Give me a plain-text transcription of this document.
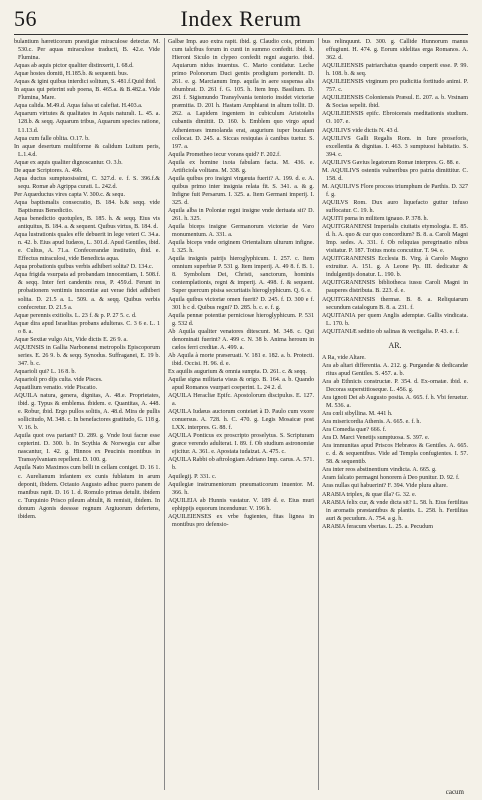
56	Index Rerum

bulantium hæreticorum præstigiæ miraculose detectæ. M. 530.c. Per aquas miraculose traducti, B. 42.e. Vide Flumina.

Aquas ab aquis pictor qualiter distinxerit, I. 68.d.

Aquæ hostes domiti, H.185.b. & sequenti. bus.

Aquas & igini quibus interdici solitum, S. 481.f.Quid ibid.

In aquas qui peterint sub poena, B. 465.a. & B.482.a. Vide Flumina, Mare.

Aqua calida. M.49.d. Aqua falsa ut calefiat. H.403.a.

Aquarum virtutes & qualitates in Aquis naturali. L. 45. a. 128.b. & seqq. Aquarum tribus, Aquarum species ratione, I.1.13.d.

Aqua cum falle oblita. O.17. b.

In aquæ desertum multiforme & calidum Luitum peris, L.1.4.d.

Aquæ ex aquis qualiter dignoscantur. O. 3.b.

De aquæ Scriptores. A. 49b.

Aqua ductus sumptuosissimi, C. 327.d. e. f. S. 396.f.& sequ. Romæ ab Agrippa curati. L. 242.d.

Per Aquæductus vires capta V. 300.c. & sequ.

Aqua baptismalis consecratio, B. 184. b.& seqq. vide Baptismus Benedictio.

Aqua benedictio quotuplex, B. 185. h. & seqq. Eius vis antiquitus, B. 184. a. & sequent. Quibus virtus, B. 184. d.

Aqua lustrationis quales effe debuerit in lege veteri C. 34.a. n. 42. b. Eius apud Iudæos, L. 301.d. Apud Gentiles, ibid. e. Cultus, A. 71.a. Confecerandæ institutio, ibid. e. Effectus miraculosi, vide Benedicta aqua.

Aqua probationis quibus verbis adhiberi solita? D. 134.c.

Aqua frigida vsurpata ad probandam innocentiam, I. 508.f. & seqq. Inter feri candentis reus, P. 459.d. Ferunt in probationem ventimis inncentiæ aut verae fidei adhiberi solita. D. 21.5 a. L. 509. a. & seqq. Quibus verbis confecretur. D. 21.5 a.

Aquæ perennis exitiolis. L. 23 f. & p. P. 27 5. c. d.

Aquæ dira apud Israelitas probans adulteras. C. 3 6 e. L. 1 o 8. a.

Aquæ Sextiæ vulgo Aix, Vide dictis E. 26 9. a.

AQUENSIS in Gallia Narbonensi metropolis Episcoporum series. E. 26 9. b. & seqq. Synodus. Suffraganei, E. 19 b. 347. b. c.

Aquarioli qui? L. 16 8. b.

Aquarioli pro dijs culta. vide Pisces.

Aquatilium venatio. vide Piscatio.

AQUILA natura, genera, dignitas, A. 48.e. Proprietates, ibid. g. Typus & emblema. ibidem. e. Quantitas, A. 448. e. Robur, ibid. Ergo pullos solitis, A. 48.d. Mira de pullis sollicitudo, M. 348. c. In benefactores gratitudo, G. 118 g. V. 16. b.

Aquila quot ova pariant? D. 289. g. Vnde Ioui facræ esse cepterint. D. 300. b. In Scythia & Norwegia cur albæ nascantur, I. 42. g. Hinnos ex Peucinis montibus in Transsylvaniam repellent. D. 100. g.

Aquila Nato Maximos cum belli in cellam coniget. D. 16 1. c. Aurelianum infantem ex cunis fublatum in arum deponit, ibidem. Octauio Augusto adhuc puero panem de manibus rapit. D. 16 1. d. Romulo primas detulit. ibidem c. Turquinio Prisco pileum abtulit, & remisit, ibidem. In donum Agonis deessse regnum Argiuorum defertens, ibidem.

Galbæ Imp. auo extra rapit. ibid. g. Claudio cois, primum cum talcibus forum in cunti in summo confedit. ibid. h. Hieroni Siculo in clypeo confedit regni augurio. ibid. Aquiarum nidus inuentus. C. Mario conidatur. Leche primo Polonorum Duci gentis prodigium portendit. D. 261. e. g. Marcianum Imp. aquila in aere suspensa alis obumbrat. D. 261 f. G. 105. h. Item Imp. Basilium. D. 261 f. Sigismundo Transylvania tentorio insidet victoriæ præmitia. D. 201 h. Hastam Amphiarai in altum tollit. D. 262. a. Lapidem ingentem in cubiculum Aristotelis cubantis dimittit. D. 160. b. Emblem quo virgo apud Athenienses immolanda erat, augurium iuper buculam collocat. D. 245. a. Siccas resiquias à canibus tuetur. S. 197. a.

Aquila Prometheo iecur vorans quid? F. 202.f.

Aquila ex homine ixota fabulam facta. M. 436. e. Artificiola volitans. M. 338. g.

Aquila quibus pro insigni virgæuta fuerit? A. 199. d. e. A. quibus primo inter insignia relata fit. S. 341. a. & g. Infigne fuit Persarum. I. 325. a. Item Germani imperij. I. 325. d.

Aquila alba in Poloniæ regni insigne vnde deriuata sit? D. 261. h. 325.

Aquila biceps insigne Germanorum victoriæ de Varo monumentum. A. 331. a.

Aquila biceps vnde originem Orientalium ulturum infigne. I. 325. h.

Aquila insignis patrijs hieroglyphicum. I. 257. c. Item omnium superbiæ P. 531 g. Item imperij. A. 49 8. f. B. 1. 8. Symbolum Dei, Christi, sanctorum, hominis contemplationis, regni & imperij. A. 498. f. & sequent. Super quercum pisisa securitatis hieroglyphicum. Q. 6. e.

Aquila quibus victoriæ omen fuerit? D. 245. f. D. 300 e f. 301 h c d. Quibus regni? D. 285. b. c. e. f. g.

Aquila pennæ potentiæ perniciosæ hieroglyphicum. P. 531 g. 532 d.

Ab Aquila qualiter venatores ditescunt. M. 348. c. Qui denominati fuerint? A. 499 c. N. 38 b. Anima heroum in cælos ferri creditæ. A. 499. a.

Ab Aquila à morte præseruati. V. 181 e. 182. a. b. Protecti. ibid. Occisi. H. 96. d. e.

Ex aquilis augurium & omnia sumpta. D. 261. c. & seqq.

Aquilæ signa militaria visus & origo. B. 164. a. b. Quando apud Romanos vsurpari coeperint. L. 24 2. d.

AQUILA Heracliæ Epifc. Apostolorum discipulus. E. 127. a.

AQUILA Iudæus auctorum conteiæt à D. Paulo cum vxore conuersus. A. 728. h. C. 470. g. Legis Mosaicæ post LXX. interpres. G. 88. f.

AQUILA Ponticus ex proscripto proselytus. S. Scripturam græce verendo adulterat. I. 89. f. Ob studium astronomiæ ejicitur. A. 361. e. Apostata iudaizat. A. 475. c.

AQUILA Rabbi ob aftrologiam Adriano Imp. carus. A. 571. b.

Aquilegij. P. 331. c.

Aquilegiæ instrumentorum pneumaticorum inuentor. M. 366. h.

AQUILEIA ab Hunnis vastatur. V. 189 d. e. Eius muri ephippijs equorum incendunur. V. 196 h.

AQUILEIENSES ex vrbe fugientes, fitas lignea in montibus pro defensio-

bus relinquunt. D. 300. g. Callide Hunnorum manus effugiunt. H. 474. g. Eorum sidelitas erga Romanos. A. 362. d.

AQUILEIENSIS patriarchatus quando cœperit esse. P. 99. h. 108. b. & seq.

AQUILEIENSIS virginum pro pudicitia fortitudo animi. P. 757. c.

AQUILEIENSIS Coloniensis Præsul. E. 207. a. b. Vrsinam & Socias sepelit. ibid.

AQUILEIENSIS epifc. Ebroicensis meditationis studium. O. 107. e.

AQUILIVS vide dictis N. 43 d.

AQUILIVS Galli Regalis Rom. in Iure proseforis, excellentia & dignitas. I. 463. 3 sumptuosi habitatio. S. 394. c.

AQUILIVS Gavius legatorum Romæ interpres. G. 88. e.

M. AQUILIVS ostentis vulneribus pro patria dimittitur. C. 158. d.

M. AQUILIVS Flore procoss triumphum de Parthis. D. 327 f. g.

AQUILVS Rom. Dux auro liquefacto guttur infuso suffocatur. C. 19. h.

AQUITI pœna in militem ignauo. P. 378. h.

AQUITGRANENSI Imperialis ciuitatis etymologia. E. 85. d. h. A. quo & cur quo concordium? B. 8. a. Caroli Magni Imp. sedes. A. 331. f. Ob reliquias peregrinatio nibus visitatur. P. 187. Totius motu concutitur. T. 94. e.

AQUITGRANENSIS Ecclesia B. Virg. à Carolo Magno extruitur. A. 151. g. A Leone Pp. III. dedicatur & indulgentijs donatur. L. 190. b.

AQUITGRANENSIS bibliotheca iussu Caroli Magni in pauperes distributa. B. 223. d. e.

AQUITGRANENSIS thermæ. B. 8. a. Reliquiarum secundum catalogum B. 8. a. 231. f.

AQUITANIA per quem Anglis ademptæ. Gallis vindicata. L. 170. b.

AQUITANIÆ seditio ob salinas & vectigalia. P. 43. e. f.

AR.

A Ra, vide Altare.

Ara ab altari differentia. A. 212. g. Purgandæ & dedicandæ ritus apud Gentiles. S. 457. a. b.

Ara ab Ethnicis constructæ. P. 354. d. Ex-ornatæ. ibid. e. Decoras superstitioseque. L. 456. g.

Ara ignoti Dei ab Augusto posita. A. 665. f. h. Vbi feruetur. M. 536. a.

Ara cœli sibyllina. M. 441 h.

Ara misericordia Athenis. A. 665. e. f. h.

Ara Comedia quæ? 666. f.

Ara D. Marci Venetijs sumptuosa. S. 397. e.

Ara immunitas apud Priscos Hebræos & Gentiles. A. 665. c. d. & sequentibus. Vide ad Templa confugientes. I. 57. 58. & sequentib.

Ara inter reos abstinentium vindicta. A. 665. g.

Aram falcato permagni honorem à Deo punitur. D. 92. f.

Aras nullas qui habuerint? F. 394. Vide plura altare.

ARABIA triplex, & quæ illa? G. 32. e.

ARABIA felix cur, & vnde dicta sit? L. 58. h. Eius fertilitas in aromatis præstantibus & plantis. L. 258. h. Fertilitas auri & pecudum. A. 754. a g. h.

ARABIA feracum vbertas. L. 25. a. Pecudum

cacum
